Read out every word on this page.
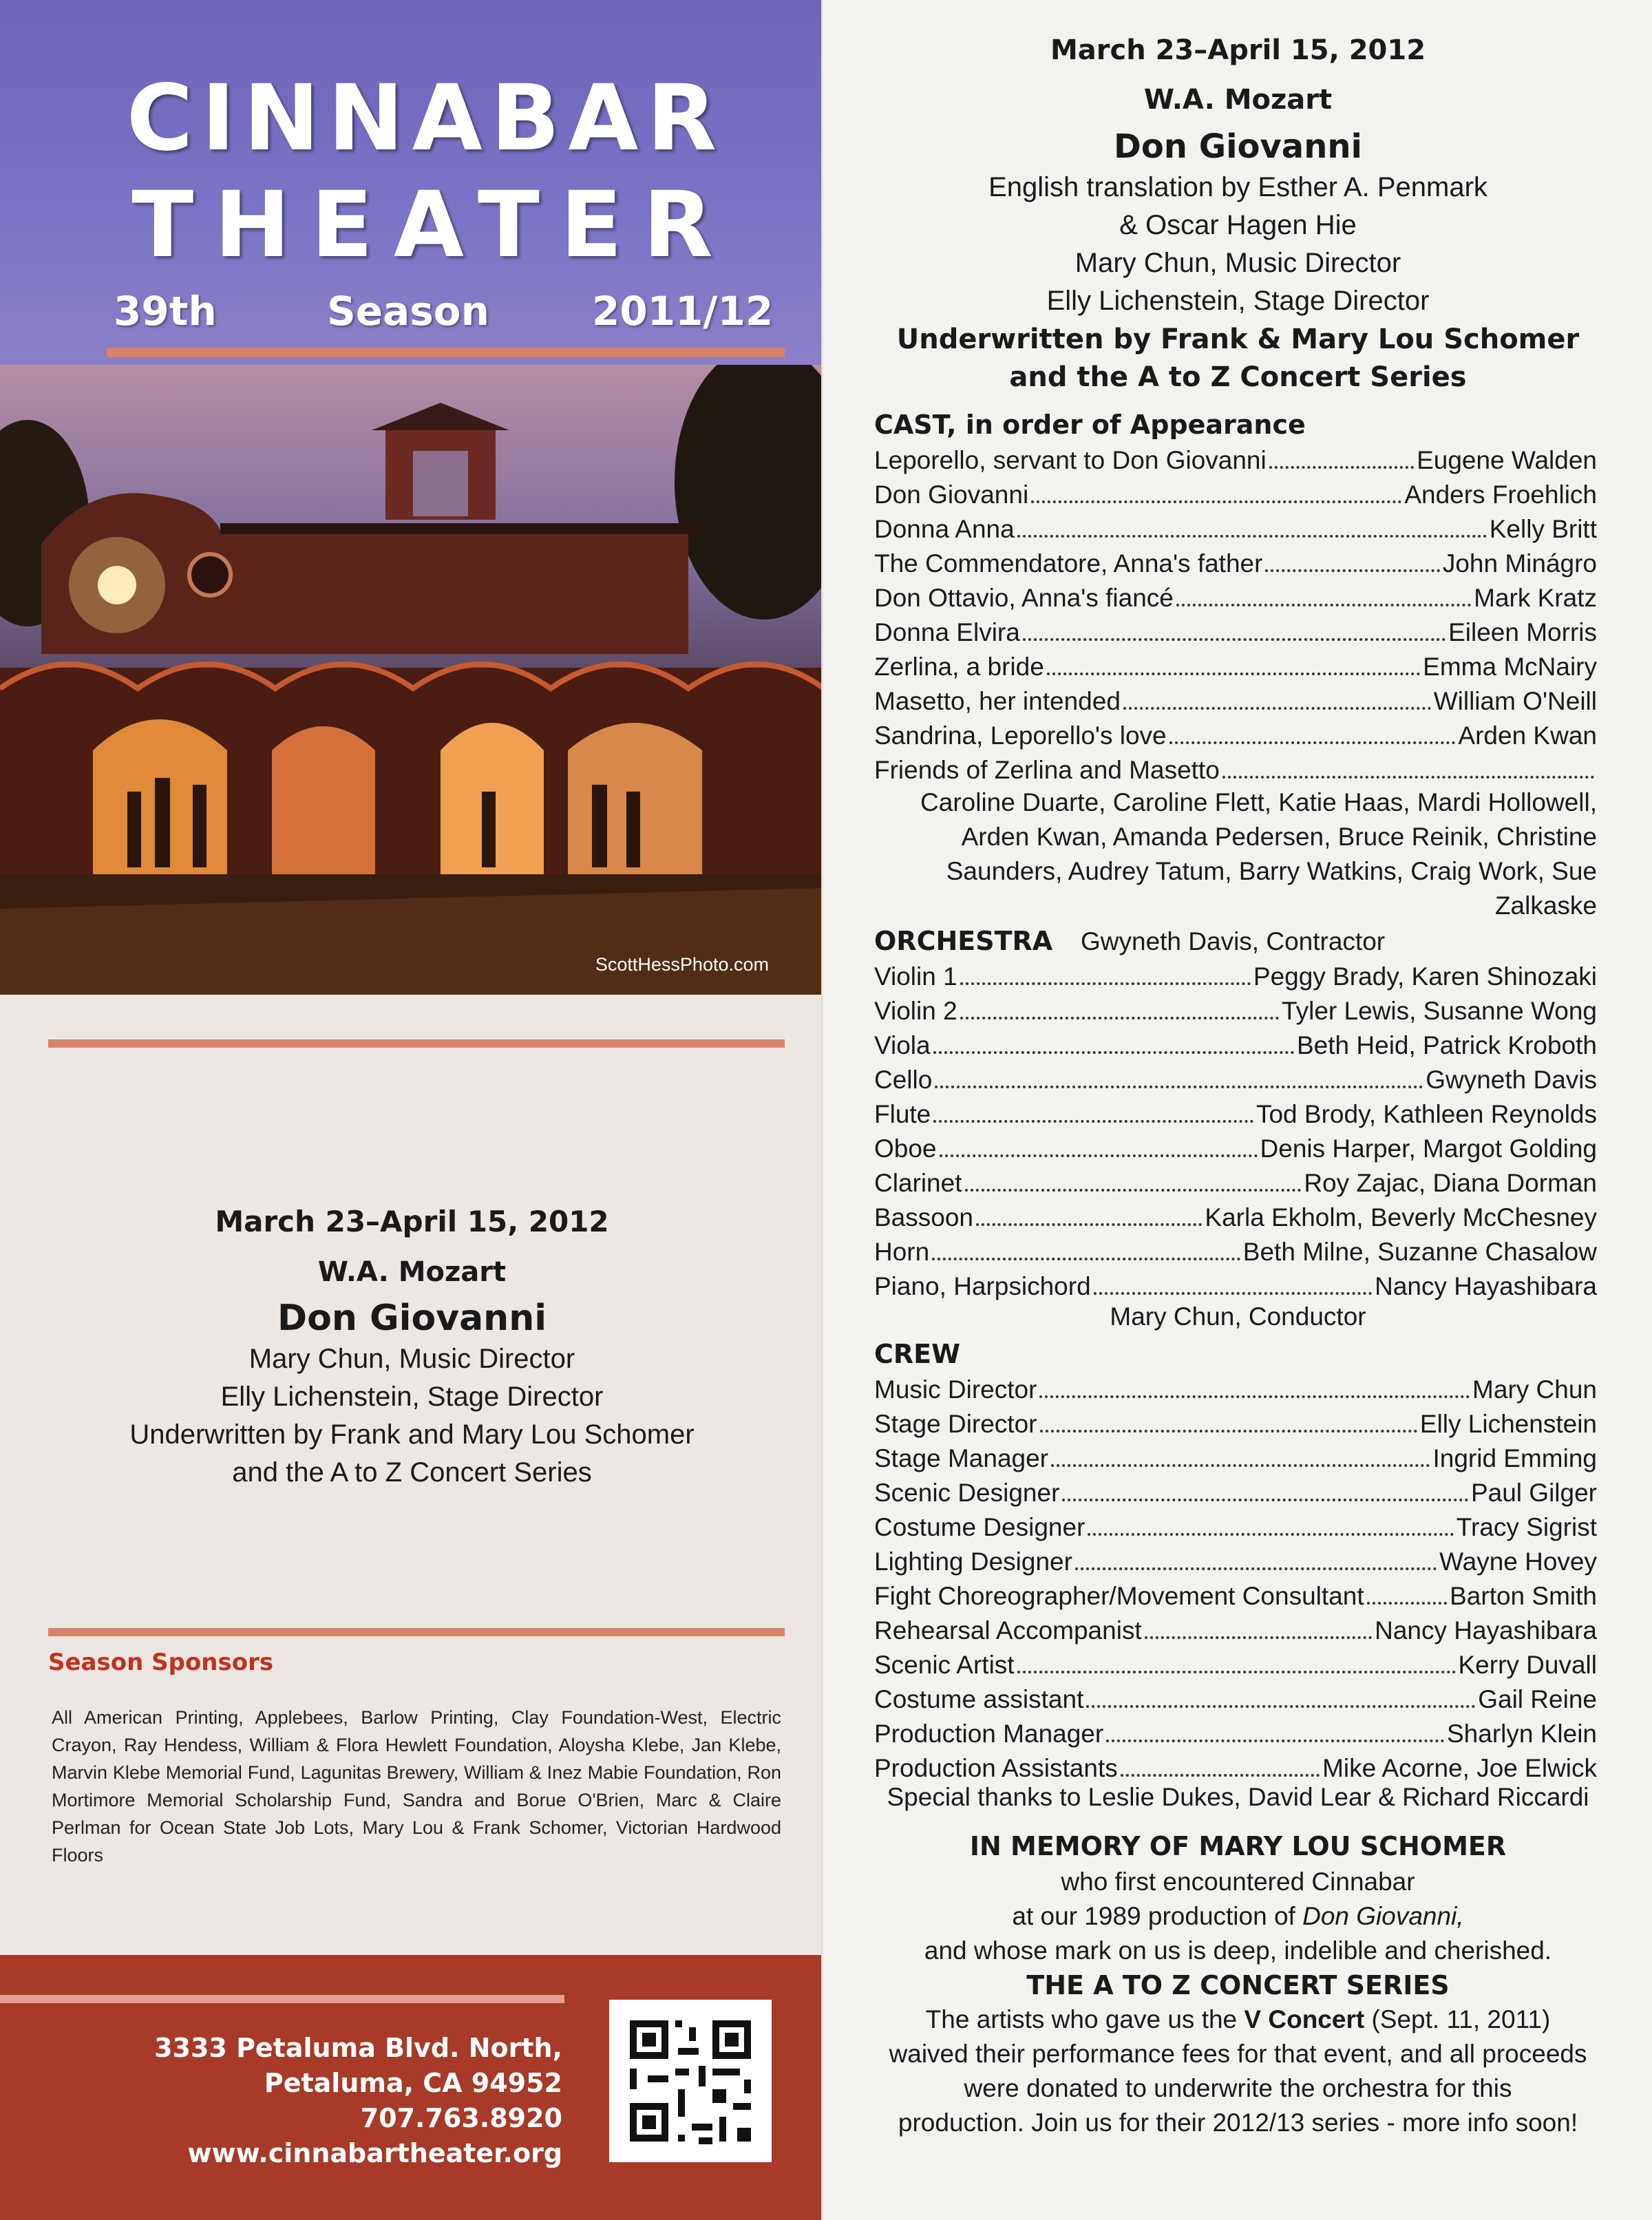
CINNABAR
THEATER
39th	Season	2011/12
ScottHessPhoto.com
March 23–April 15, 2012
W.A. Mozart
Don Giovanni
Mary Chun, Music Director
Elly Lichenstein, Stage Director
Underwritten by Frank and Mary Lou Schomer
and the A to Z Concert Series
Season Sponsors
All American Printing, Applebees, Barlow Printing, Clay Foundation-West, Electric Crayon, Ray Hendess, William & Flora Hewlett Foundation, Aloysha Klebe, Jan Klebe, Marvin Klebe Memorial Fund, Lagunitas Brewery, William & Inez Mabie Foundation, Ron Mortimore Memorial Scholarship Fund, Sandra and Borue O'Brien, Marc & Claire Perlman for Ocean State Job Lots, Mary Lou & Frank Schomer, Victorian Hardwood Floors
3333 Petaluma Blvd. North,
Petaluma, CA 94952
707.763.8920
www.cinnabartheater.org
March 23–April 15, 2012
W.A. Mozart
Don Giovanni
English translation by Esther A. Penmark
& Oscar Hagen Hie
Mary Chun, Music Director
Elly Lichenstein, Stage Director
Underwritten by Frank & Mary Lou Schomer
and the A to Z Concert Series
CAST, in order of Appearance
Leporello, servant to Don Giovanni	Eugene Walden
Don Giovanni	Anders Froehlich
Donna Anna	Kelly Britt
The Commendatore, Anna's father	John Minágro
Don Ottavio, Anna's fiancé	Mark Kratz
Donna Elvira	Eileen Morris
Zerlina, a bride	Emma McNairy
Masetto, her intended	William O'Neill
Sandrina, Leporello's love	Arden Kwan
Friends of Zerlina and Masetto
Caroline Duarte, Caroline Flett, Katie Haas, Mardi Hollowell,
Arden Kwan, Amanda Pedersen, Bruce Reinik, Christine
Saunders, Audrey Tatum, Barry Watkins, Craig Work, Sue
Zalkaske
ORCHESTRA Gwyneth Davis, Contractor
Violin 1	Peggy Brady, Karen Shinozaki
Violin 2	Tyler Lewis, Susanne Wong
Viola	Beth Heid, Patrick Kroboth
Cello	Gwyneth Davis
Flute	Tod Brody, Kathleen Reynolds
Oboe	Denis Harper, Margot Golding
Clarinet	Roy Zajac, Diana Dorman
Bassoon	Karla Ekholm, Beverly McChesney
Horn	Beth Milne, Suzanne Chasalow
Piano, Harpsichord	Nancy Hayashibara
Mary Chun, Conductor
CREW
Music Director	Mary Chun
Stage Director	Elly Lichenstein
Stage Manager	Ingrid Emming
Scenic Designer	Paul Gilger
Costume Designer	Tracy Sigrist
Lighting Designer	Wayne Hovey
Fight Choreographer/Movement Consultant	Barton Smith
Rehearsal Accompanist	Nancy Hayashibara
Scenic Artist	Kerry Duvall
Costume assistant	Gail Reine
Production Manager	Sharlyn Klein
Production Assistants	Mike Acorne, Joe Elwick
Special thanks to Leslie Dukes, David Lear & Richard Riccardi
IN MEMORY OF MARY LOU SCHOMER
who first encountered Cinnabar
at our 1989 production of Don Giovanni,
and whose mark on us is deep, indelible and cherished.
THE A TO Z CONCERT SERIES
The artists who gave us the V Concert (Sept. 11, 2011)
waived their performance fees for that event, and all proceeds
were donated to underwrite the orchestra for this
production. Join us for their 2012/13 series - more info soon!
